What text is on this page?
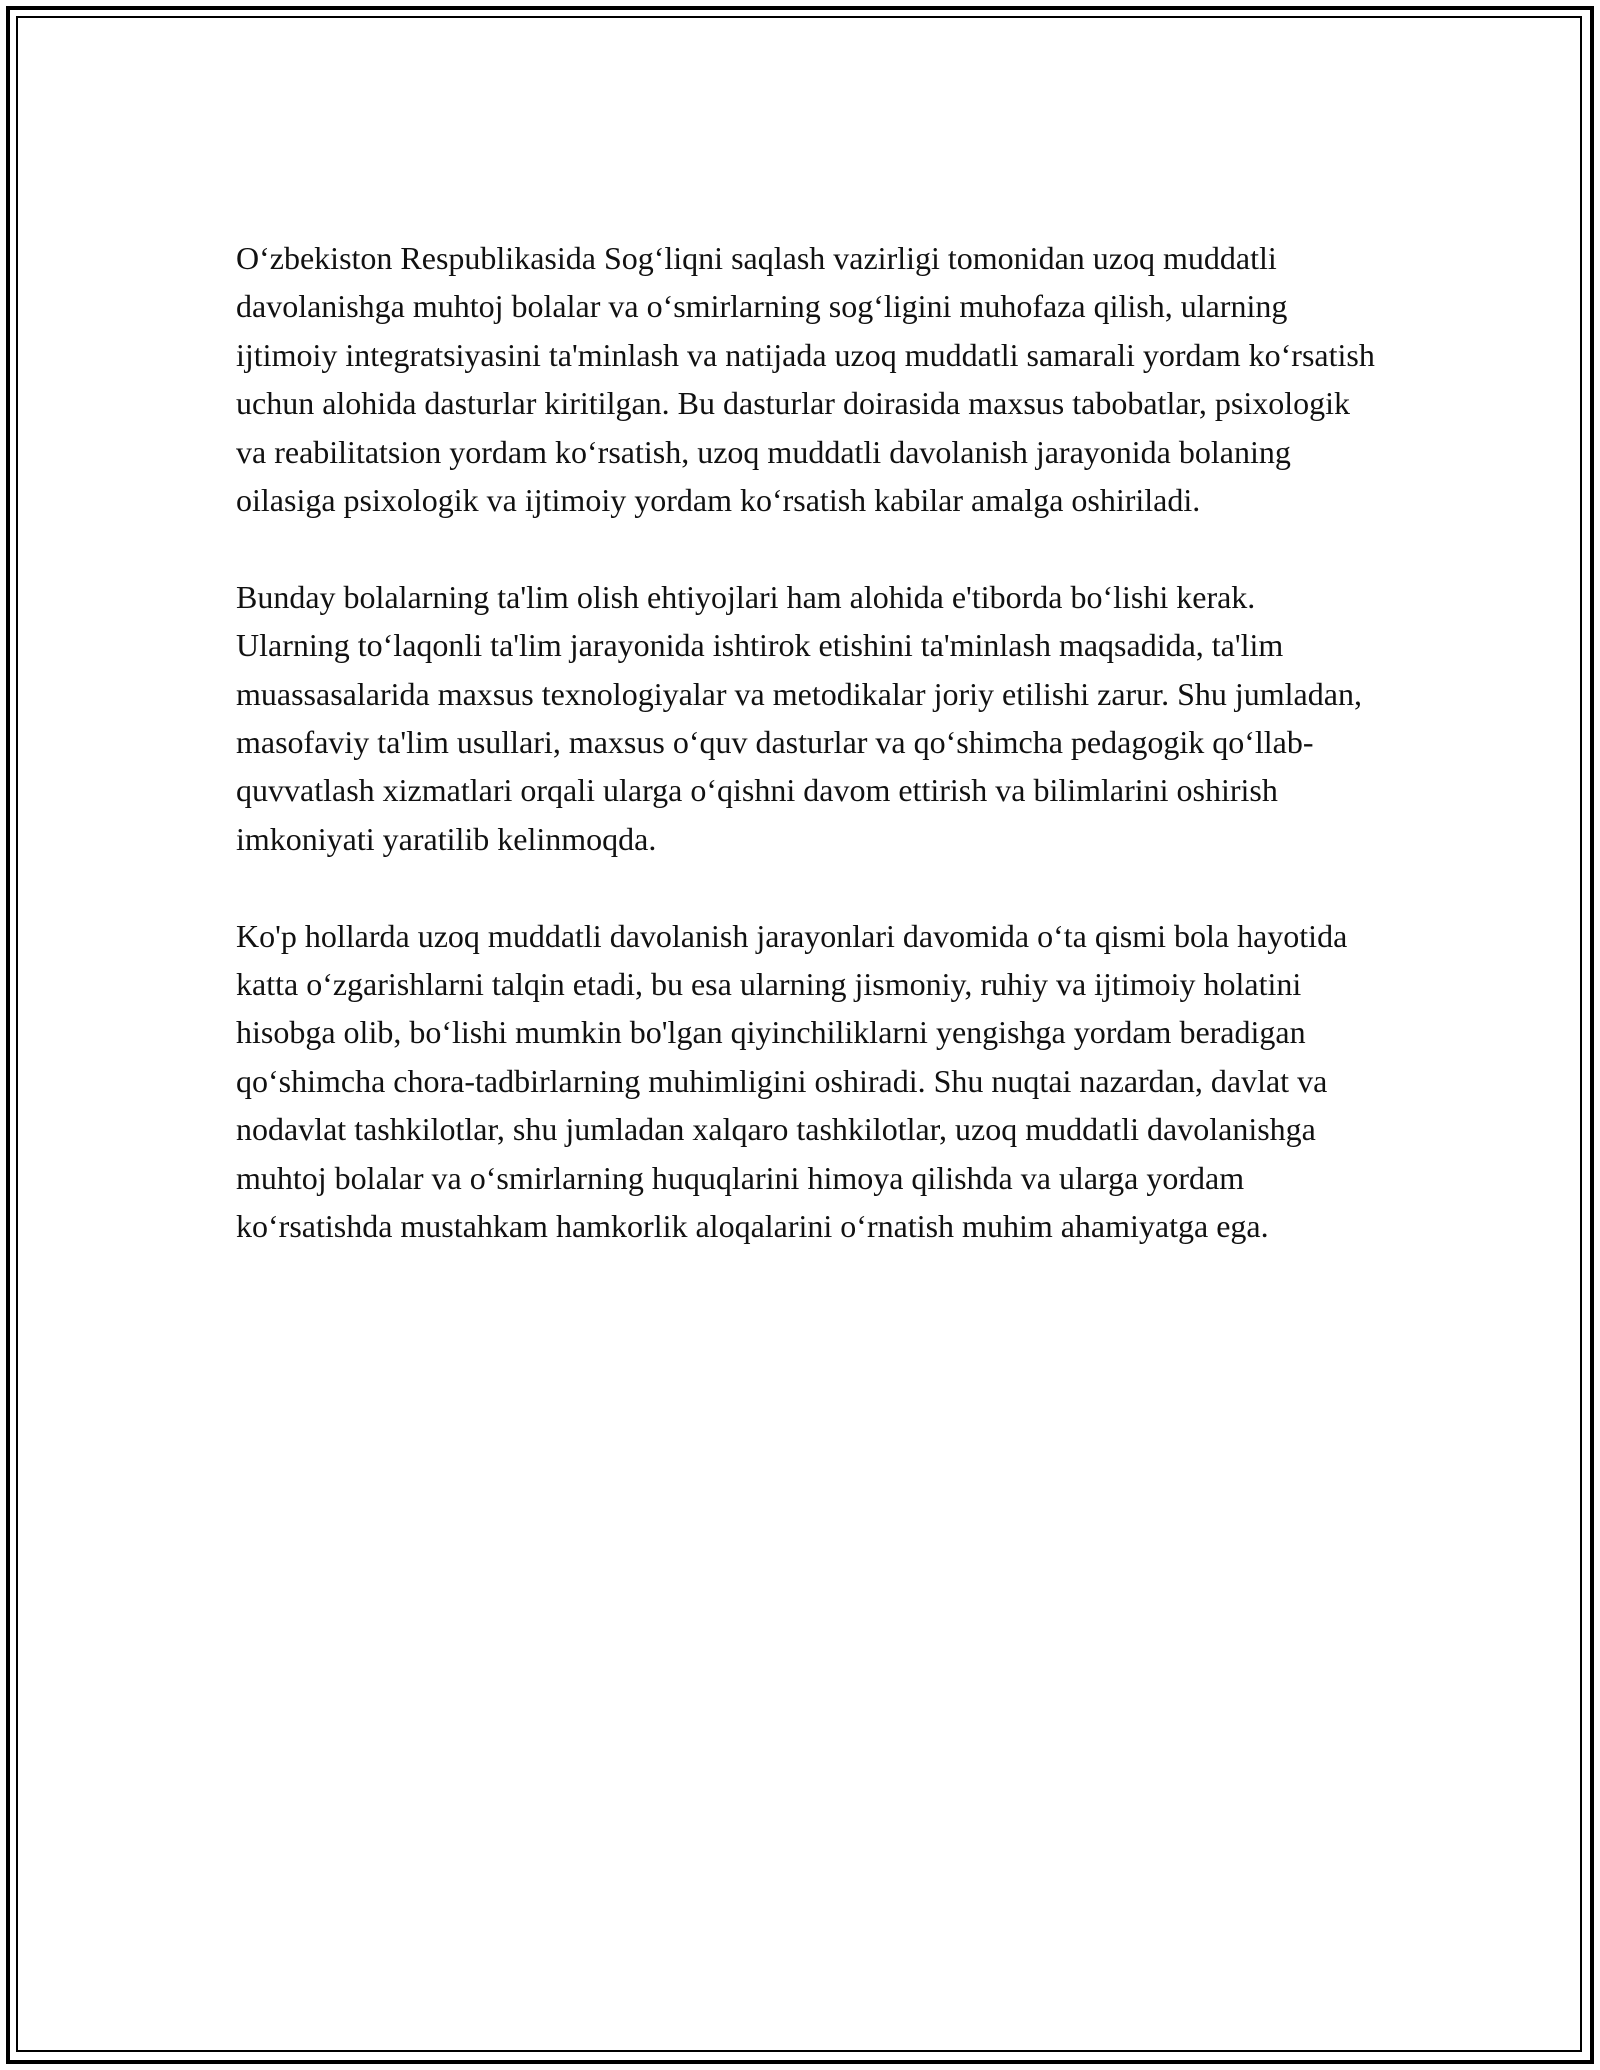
O‘zbekiston Respublikasida Sog‘liqni saqlash vazirligi tomonidan uzoq muddatli davolanishga muhtoj bolalar va o‘smirlarning sog‘ligini muhofaza qilish, ularning ijtimoiy integratsiyasini ta'minlash va natijada uzoq muddatli samarali yordam ko‘rsatish uchun alohida dasturlar kiritilgan. Bu dasturlar doirasida maxsus tabobatlar, psixologik va reabilitatsion yordam ko‘rsatish, uzoq muddatli davolanish jarayonida bolaning oilasiga psixologik va ijtimoiy yordam ko‘rsatish kabilar amalga oshiriladi.

Bunday bolalarning ta'lim olish ehtiyojlari ham alohida e'tiborda bo‘lishi kerak. Ularning to‘laqonli ta'lim jarayonida ishtirok etishini ta'minlash maqsadida, ta'lim muassasalarida maxsus texnologiyalar va metodikalar joriy etilishi zarur. Shu jumladan, masofaviy ta'lim usullari, maxsus o‘quv dasturlar va qo‘shimcha pedagogik qo‘llab-quvvatlash xizmatlari orqali ularga o‘qishni davom ettirish va bilimlarini oshirish imkoniyati yaratilib kelinmoqda.

Ko'p hollarda uzoq muddatli davolanish jarayonlari davomida o‘ta qismi bola hayotida katta o‘zgarishlarni talqin etadi, bu esa ularning jismoniy, ruhiy va ijtimoiy holatini hisobga olib, bo‘lishi mumkin bo'lgan qiyinchiliklarni yengishga yordam beradigan qo‘shimcha chora-tadbirlarning muhimligini oshiradi. Shu nuqtai nazardan, davlat va nodavlat tashkilotlar, shu jumladan xalqaro tashkilotlar, uzoq muddatli davolanishga muhtoj bolalar va o‘smirlarning huquqlarini himoya qilishda va ularga yordam ko‘rsatishda mustahkam hamkorlik aloqalarini o‘rnatish muhim ahamiyatga ega.
